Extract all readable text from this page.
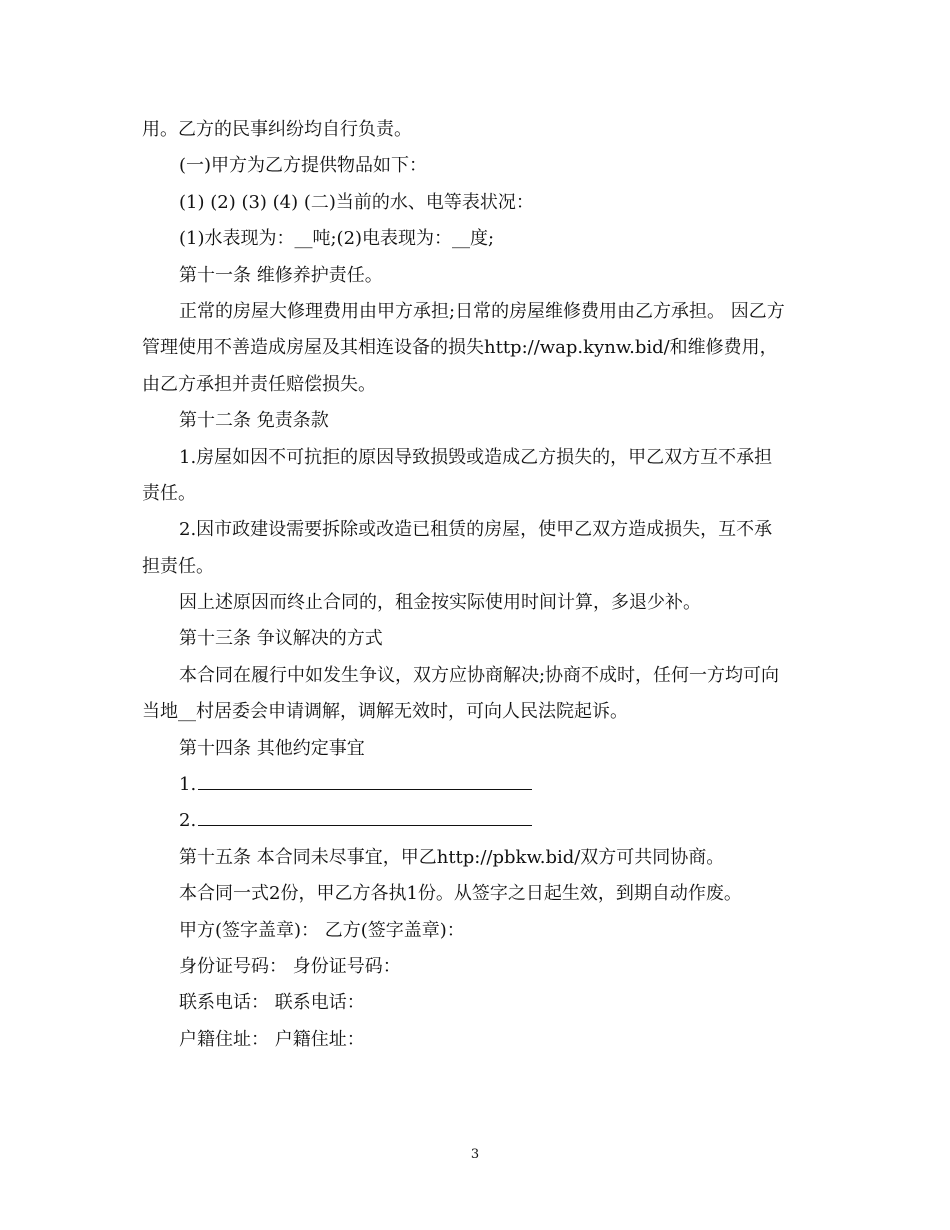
用。乙方的民事纠纷均自行负责。
(一)甲方为乙方提供物品如下：
(1) (2) (3) (4) (二)当前的水、电等表状况：
(1)水表现为：__吨;(2)电表现为：__度;
第十一条 维修养护责任。
正常的房屋大修理费用由甲方承担;日常的房屋维修费用由乙方承担。 因乙方
管理使用不善造成房屋及其相连设备的损失http://wap.kynw.bid/和维修费用，
由乙方承担并责任赔偿损失。
第十二条 免责条款
1.房屋如因不可抗拒的原因导致损毁或造成乙方损失的，甲乙双方互不承担
责任。
2.因市政建设需要拆除或改造已租赁的房屋，使甲乙双方造成损失，互不承
担责任。
因上述原因而终止合同的，租金按实际使用时间计算，多退少补。
第十三条 争议解决的方式
本合同在履行中如发生争议，双方应协商解决;协商不成时，任何一方均可向
当地__村居委会申请调解，调解无效时，可向人民法院起诉。
第十四条 其他约定事宜
1.
2.
第十五条 本合同未尽事宜，甲乙http://pbkw.bid/双方可共同协商。
本合同一式2份，甲乙方各执1份。从签字之日起生效，到期自动作废。
甲方(签字盖章)： 乙方(签字盖章)：
身份证号码： 身份证号码：
联系电话： 联系电话：
户籍住址： 户籍住址：
3
